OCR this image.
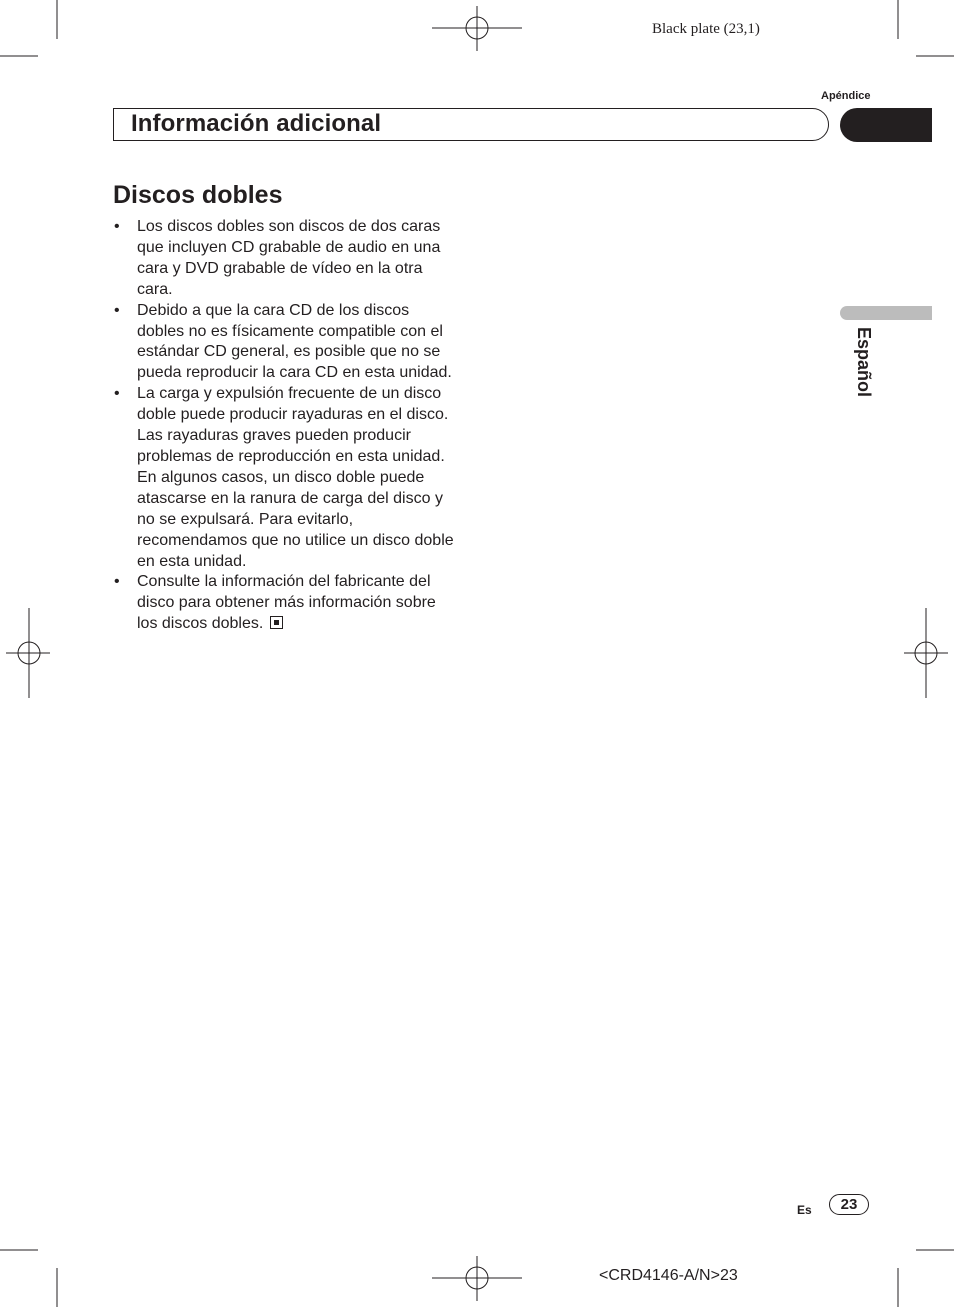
Black plate (23,1)
Apéndice
Información adicional
Español
Discos dobles
• Los discos dobles son discos de dos caras que incluyen CD grabable de audio en una cara y DVD grabable de vídeo en la otra cara.
• Debido a que la cara CD de los discos dobles no es físicamente compatible con el estándar CD general, es posible que no se pueda reproducir la cara CD en esta unidad.
• La carga y expulsión frecuente de un disco doble puede producir rayaduras en el disco. Las rayaduras graves pueden producir problemas de reproducción en esta unidad. En algunos casos, un disco doble puede atascarse en la ranura de carga del disco y no se expulsará. Para evitarlo, recomendamos que no utilice un disco doble en esta unidad.
• Consulte la información del fabricante del disco para obtener más información sobre los discos dobles.
Es	23
<CRD4146-A/N>23
